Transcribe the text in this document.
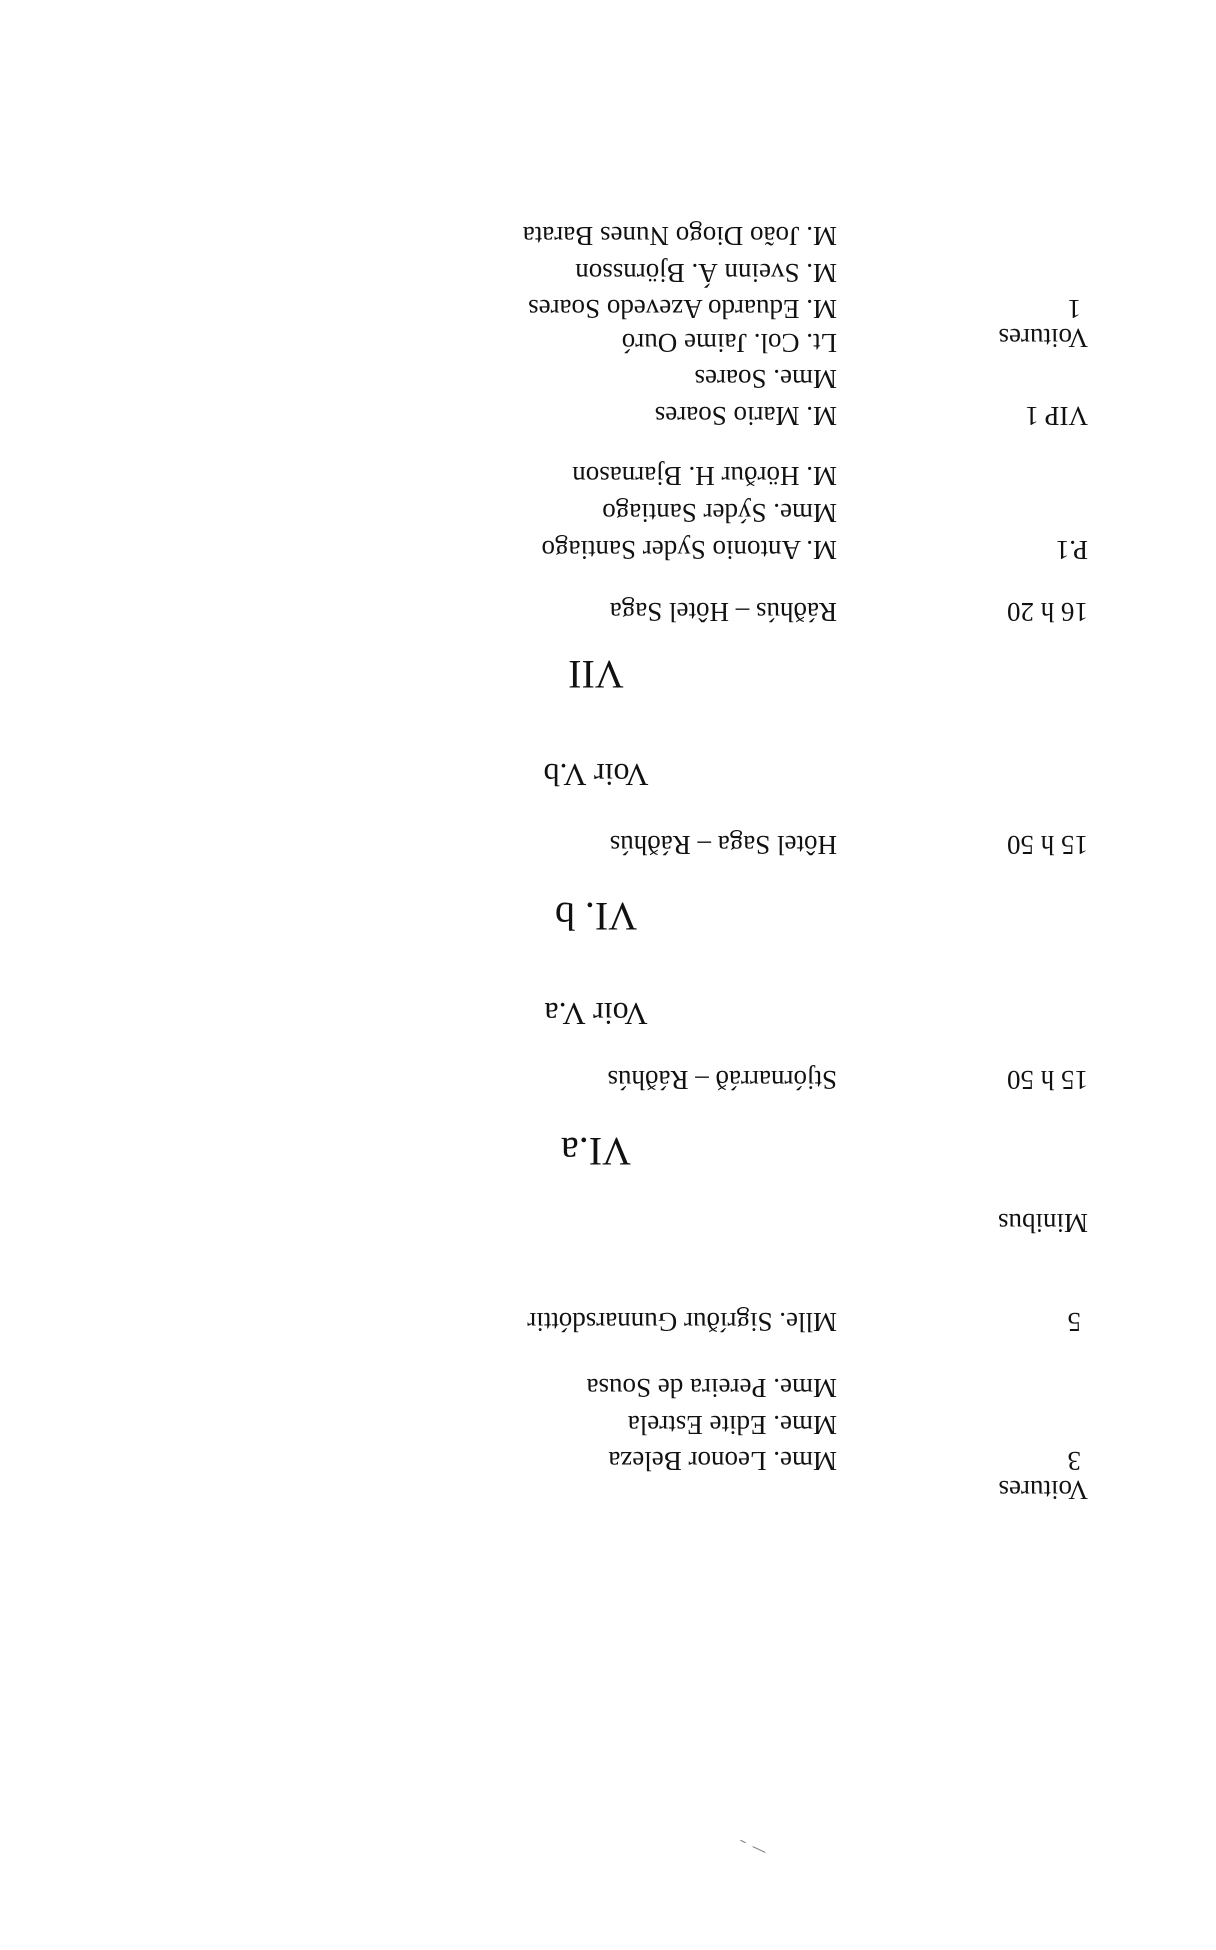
Voitures
3
Mme. Leonor Beleza
Mme. Edite Estrela
Mme. Pereira de Sousa
5
Mlle. Sigríður Gunnarsdóttir
Minibus
VI.a
15 h 50
Stjórnarráð – Ráðhús
Voir V.a
VI. b
15 h 50
Hôtel Saga – Ráðhús
Voir V.b
VII
16 h 20
Ráðhús – Hôtel Saga
P.1
M. Antonio Syder Santiago
Mme. Sýder Santiago
M. Hörður H. Bjarnason
VIP 1
M. Mario Soares
Mme. Soares
Lt. Col. Jaime Ouró	Voitures
1
M. Eduardo Azevedo Soares
M. Sveinn Á. Björnsson
M. João Diogo Nunes Barata
